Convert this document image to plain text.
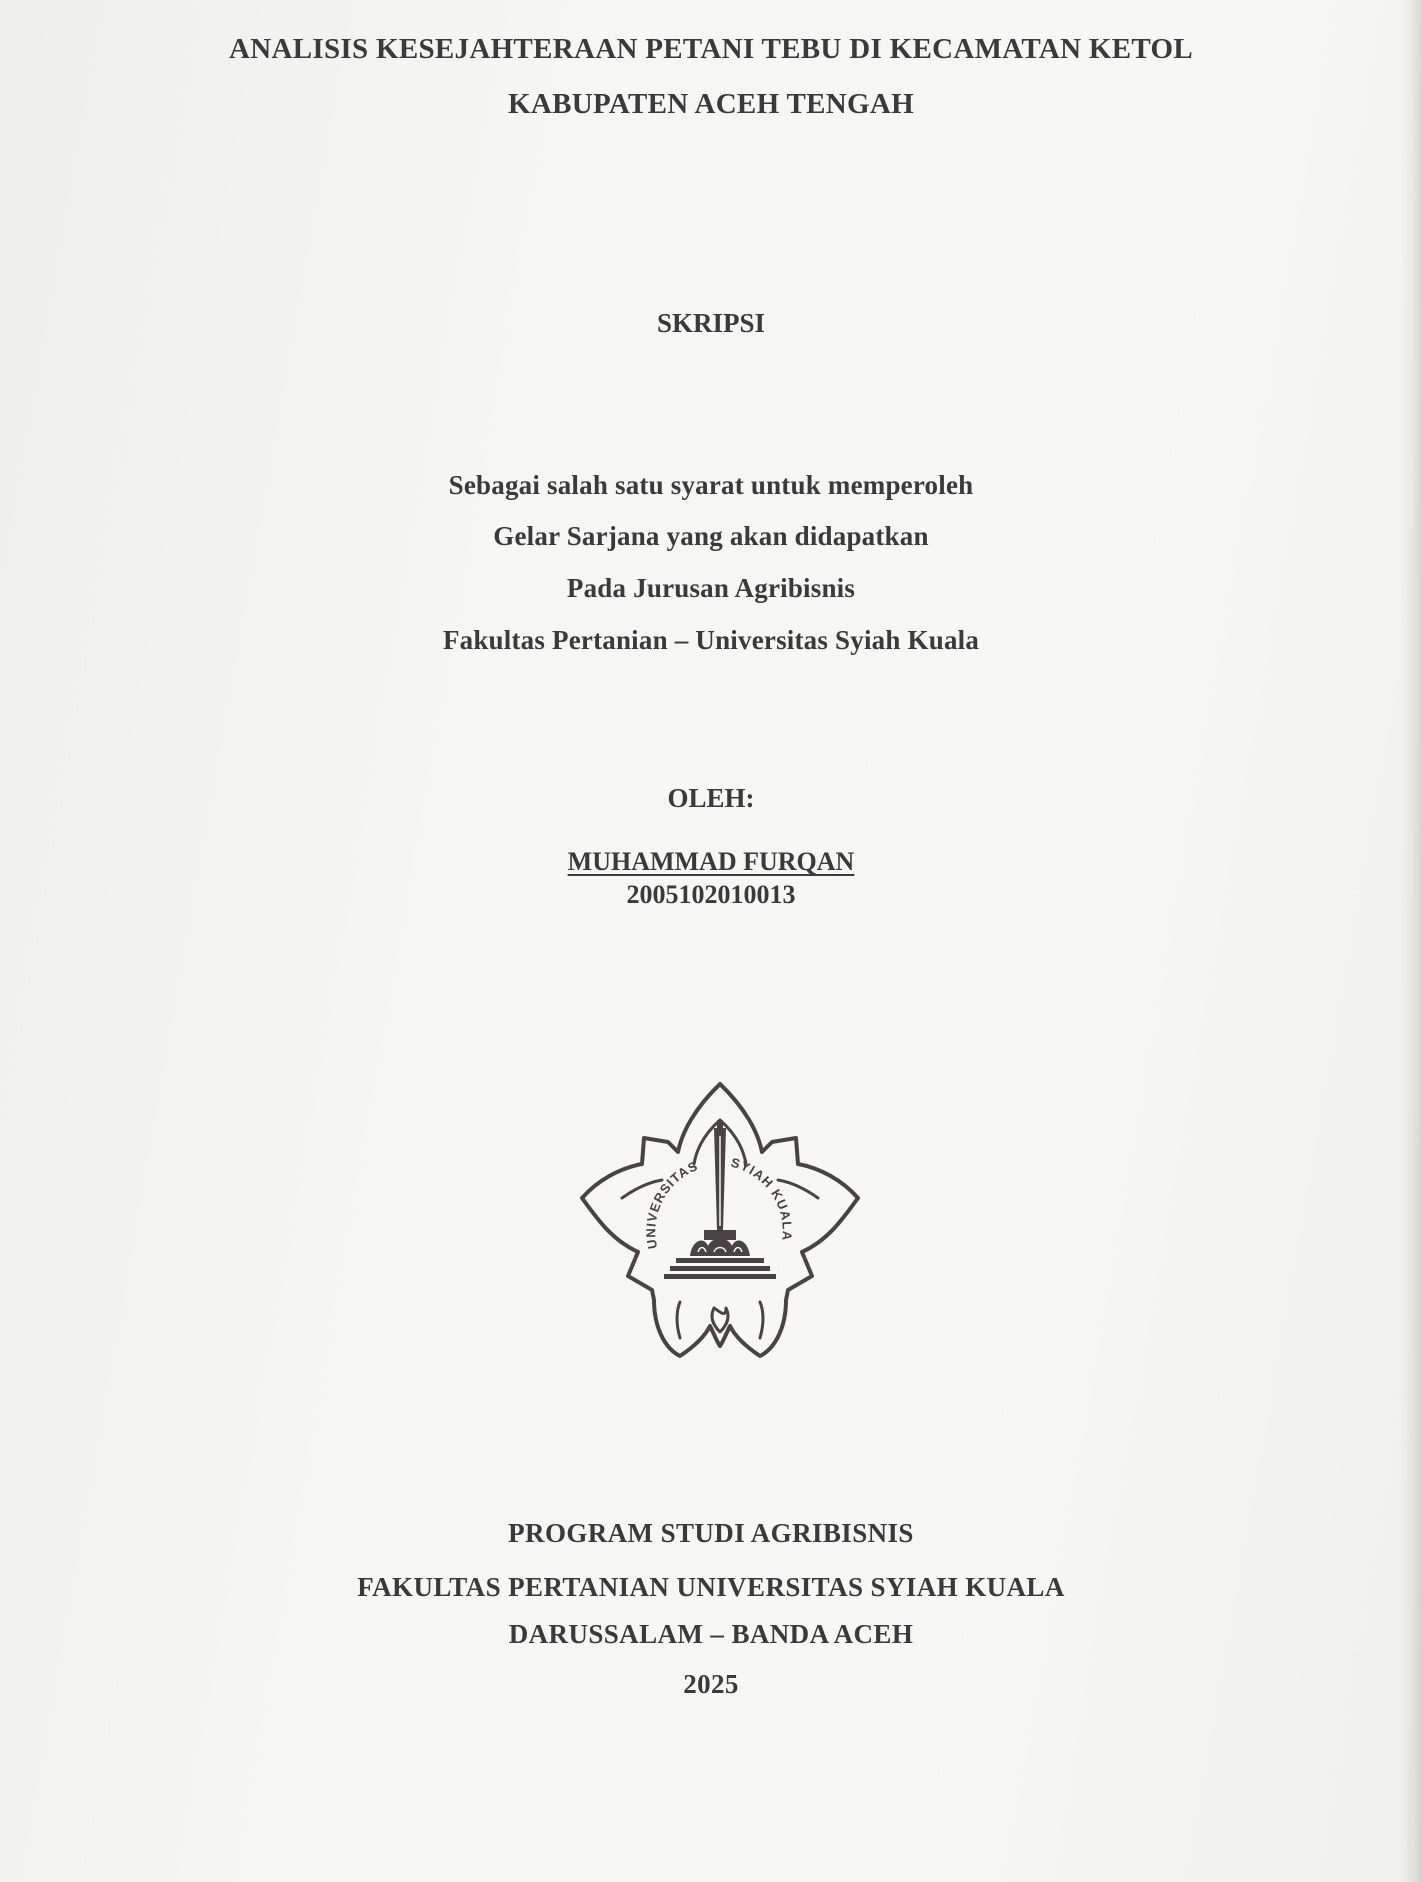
ANALISIS KESEJAHTERAAN PETANI TEBU DI KECAMATAN KETOL
KABUPATEN ACEH TENGAH
SKRIPSI
Sebagai salah satu syarat untuk memperoleh
Gelar Sarjana yang akan didapatkan
Pada Jurusan Agribisnis
Fakultas Pertanian – Universitas Syiah Kuala
OLEH:
MUHAMMAD FURQAN
2005102010013
UNIVERSITAS SYIAH KUALA
PROGRAM STUDI AGRIBISNIS
FAKULTAS PERTANIAN UNIVERSITAS SYIAH KUALA
DARUSSALAM – BANDA ACEH
2025
